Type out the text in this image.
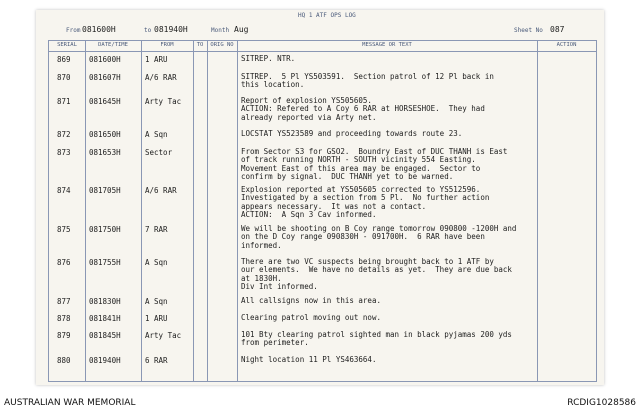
HQ 1 ATF OPS LOG
From 081600H	to 081940H	Month Aug	Sheet No 087
SERIAL	DATE/TIME	FROM	TO	ORIG NO	MESSAGE OR TEXT	ACTION
869 081600H	1 ARU	SITREP. NTR.
870 081607H	A/6 RAR	SITREP.  5 Pl YS503591.  Section patrol of 12 Pl back in
this location.
871 081645H	Arty Tac	Report of explosion YS505605.
ACTION: Refered to A Coy 6 RAR at HORSESHOE.  They had
already reported via Arty net.
872 081650H	A Sqn	LOCSTAT YS523589 and proceeding towards route 23.
873 081653H	Sector	From Sector S3 for GSO2.  Boundry East of DUC THANH is East
of track running NORTH - SOUTH vicinity 554 Easting.
Movement East of this area may be engaged.  Sector to
confirm by signal.  DUC THANH yet to be warned.
874 081705H	A/6 RAR	Explosion reported at YS505605 corrected to YS512596.
Investigated by a section from 5 Pl.  No further action
appears necessary.  It was not a contact.
ACTION:  A Sqn 3 Cav informed.
875 081750H	7 RAR	We will be shooting on B Coy range tomorrow 090800 -1200H and
on the D Coy range 090830H - 091700H.  6 RAR have been
informed.
876 081755H	A Sqn	There are two VC suspects being brought back to 1 ATF by
our elements.  We have no details as yet.  They are due back
at 1830H.
Div Int informed.
877 081830H	A Sqn	All callsigns now in this area.
878 081841H	1 ARU	Clearing patrol moving out now.
879 081845H	Arty Tac	101 Bty clearing patrol sighted man in black pyjamas 200 yds
from perimeter.
880 081940H	6 RAR	Night location 11 Pl YS463664.
AUSTRALIAN WAR MEMORIAL	RCDIG1028586
